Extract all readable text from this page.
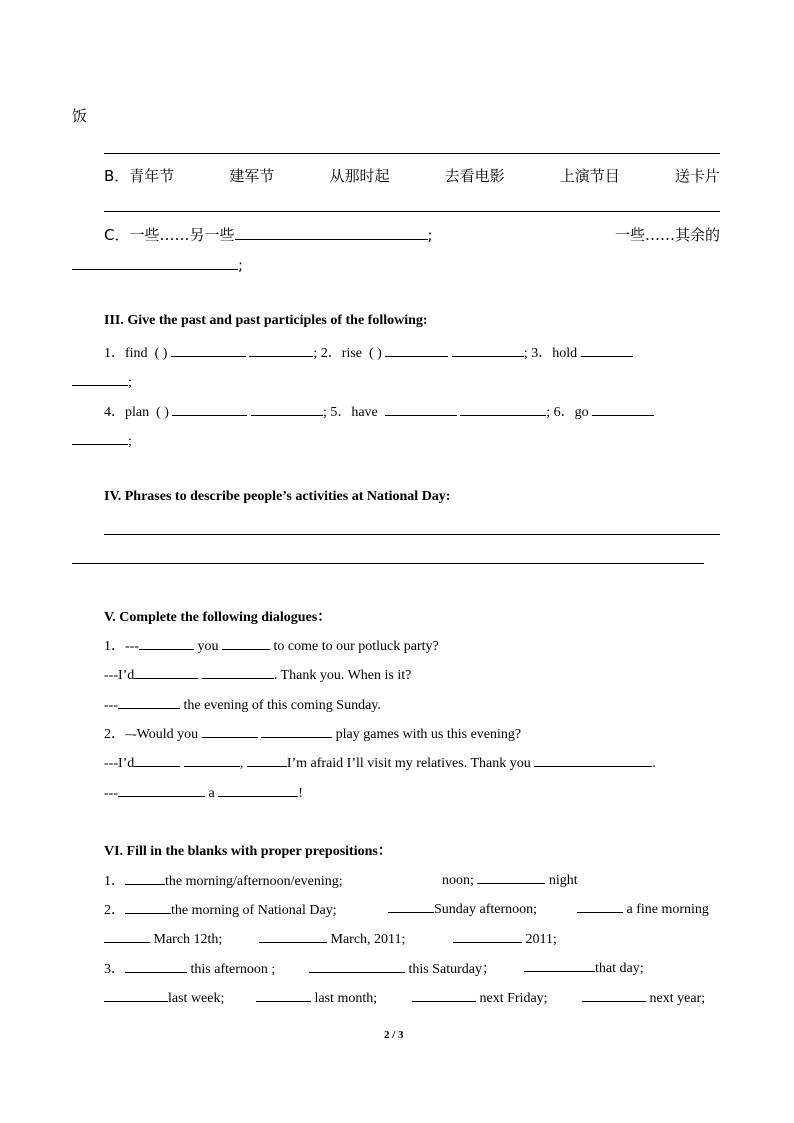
饭
B．青年节	建军节	从那时起	去看电影	上演节目	送卡片
C．一些……另一些	;	一些……其余的
;
III. Give the past and past participles of the following:
1．find ( )	; 2．rise ( )	; 3．hold
;
4．plan ( )	; 5．have	; 6．go
;
IV. Phrases to describe people’s activities at National Day:
V. Complete the following dialogues：
1．---	you	to come to our potluck party?
---I’d	. Thank you. When is it?
---	the evening of this coming Sunday.
2．–-Would you	play games with us this evening?
---I’d	,	I’m afraid I’ll visit my relatives. Thank you	.
---	a	!
VI. Fill in the blanks with proper prepositions：
1．	the morning/afternoon/evening;	noon;	night
2．	the morning of National Day;	Sunday afternoon;	a fine morning
March 12th;	March, 2011;	2011;
3．	this afternoon ;	this Saturday；	that day;
last week;	last month;	next Friday;	next year;
2 / 3
